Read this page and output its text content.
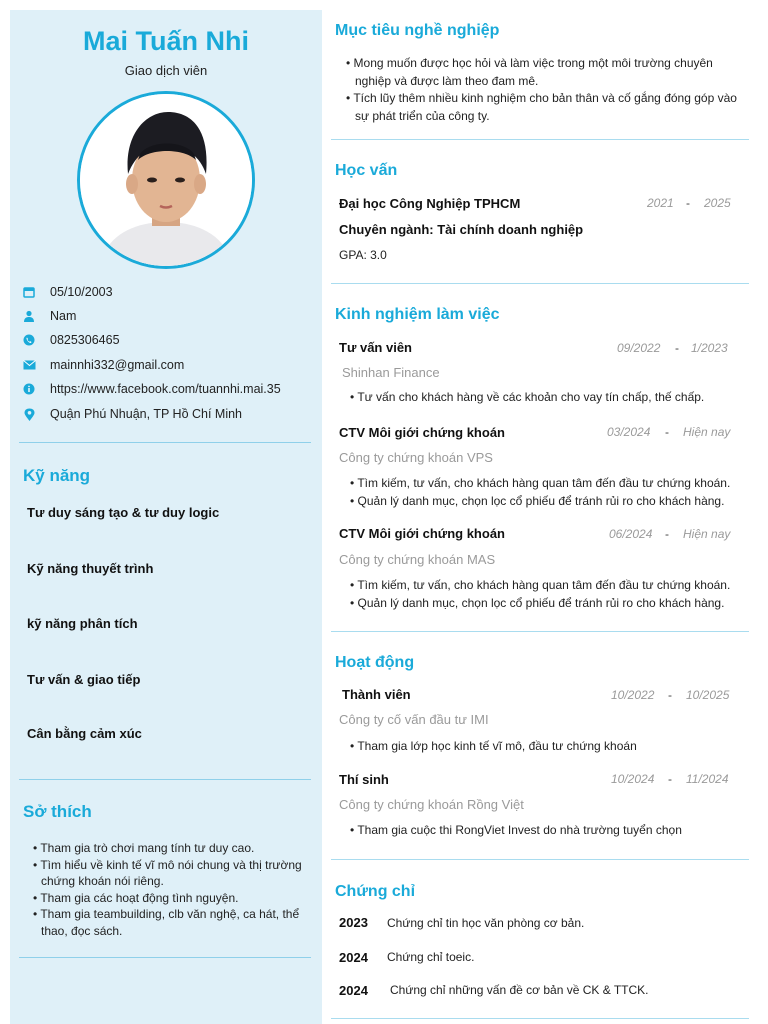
Mai Tuấn Nhi
Giao dịch viên
05/10/2003
Nam
0825306465
mainnhi332@gmail.com
https://www.facebook.com/tuannhi.mai.35
Quận Phú Nhuận, TP Hồ Chí Minh
Kỹ năng
Tư duy sáng tạo & tư duy logic
Kỹ năng thuyết trình
kỹ năng phân tích
Tư vấn & giao tiếp
Cân bằng cảm xúc
Sở thích
• Tham gia trò chơi mang tính tư duy cao.
• Tìm hiểu về kinh tế vĩ mô nói chung và thị trường chứng khoán nói riêng.
• Tham gia các hoạt động tình nguyện.
• Tham gia teambuilding, clb văn nghệ, ca hát, thể thao, đọc sách.
Mục tiêu nghề nghiệp
• Mong muốn được học hỏi và làm việc trong một môi trường chuyên nghiệp và được làm theo đam mê.
• Tích lũy thêm nhiều kinh nghiệm cho bản thân và cố gắng đóng góp vào sự phát triển của công ty.
Học vấn
Đại học Công Nghiệp TPHCM	2021 - 2025
Chuyên ngành: Tài chính doanh nghiệp
GPA: 3.0
Kinh nghiệm làm việc
Tư vấn viên	09/2022 - 1/2023
Shinhan Finance
• Tư vấn cho khách hàng về các khoản cho vay tín chấp, thế chấp.
CTV Môi giới chứng khoán	03/2024 - Hiện nay
Công ty chứng khoán VPS
• Tìm kiếm, tư vấn, cho khách hàng quan tâm đến đầu tư chứng khoán.
• Quản lý danh mục, chọn lọc cổ phiếu để tránh rủi ro cho khách hàng.
CTV Môi giới chứng khoán	06/2024 - Hiện nay
Công ty chứng khoán MAS
• Tìm kiếm, tư vấn, cho khách hàng quan tâm đến đầu tư chứng khoán.
• Quản lý danh mục, chọn lọc cổ phiếu để tránh rủi ro cho khách hàng.
Hoạt động
Thành viên	10/2022 - 10/2025
Công ty cố vấn đầu tư IMI
• Tham gia lớp học kinh tế vĩ mô, đầu tư chứng khoán
Thí sinh	10/2024 - 11/2024
Công ty chứng khoán Rồng Việt
• Tham gia cuộc thi RongViet Invest do nhà trường tuyển chọn
Chứng chỉ
2023 Chứng chỉ tin học văn phòng cơ bản.
2024 Chứng chỉ toeic.
2024 Chứng chỉ những vấn đề cơ bản về CK & TTCK.
